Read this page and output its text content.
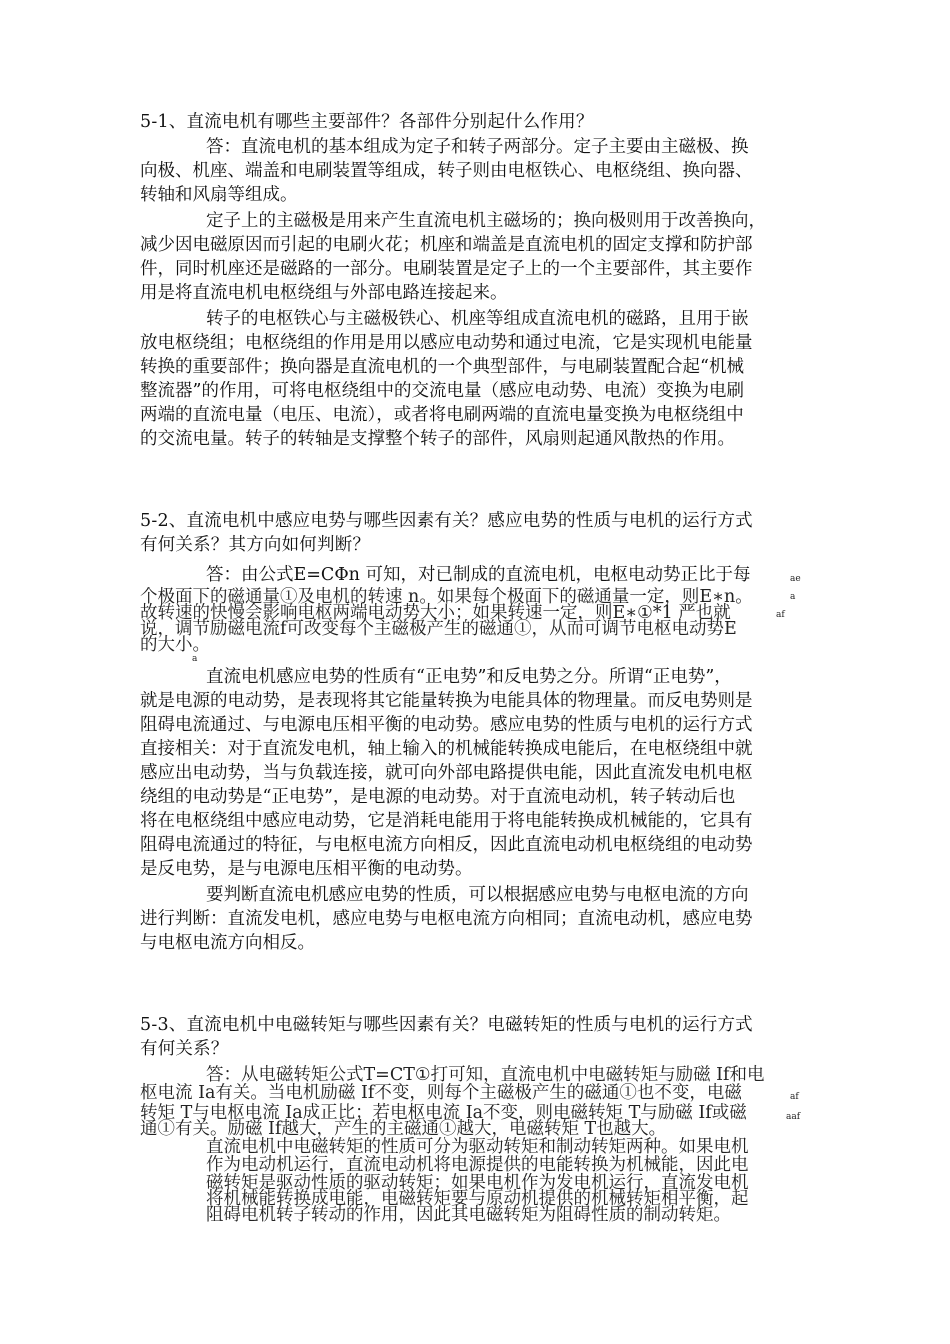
5-1、直流电机有哪些主要部件？各部件分别起什么作用？
答：直流电机的基本组成为定子和转子两部分。定子主要由主磁极、换
向极、机座、端盖和电刷装置等组成，转子则由电枢铁心、电枢绕组、换向器、
转轴和风扇等组成。
定子上的主磁极是用来产生直流电机主磁场的；换向极则用于改善换向，
减少因电磁原因而引起的电刷火花；机座和端盖是直流电机的固定支撑和防护部
件，同时机座还是磁路的一部分。电刷装置是定子上的一个主要部件，其主要作
用是将直流电机电枢绕组与外部电路连接起来。
转子的电枢铁心与主磁极铁心、机座等组成直流电机的磁路，且用于嵌
放电枢绕组；电枢绕组的作用是用以感应电动势和通过电流，它是实现机电能量
转换的重要部件；换向器是直流电机的一个典型部件，与电刷装置配合起“机械
整流器”的作用，可将电枢绕组中的交流电量（感应电动势、电流）变换为电刷
两端的直流电量（电压、电流），或者将电刷两端的直流电量变换为电枢绕组中
的交流电量。转子的转轴是支撑整个转子的部件，风扇则起通风散热的作用。
5-2、直流电机中感应电势与哪些因素有关？感应电势的性质与电机的运行方式
有何关系？其方向如何判断？
答：由公式E=CΦn 可知，对已制成的直流电机，电枢电动势正比于每	ae
个极面下的磁通量①及电机的转速 n。如果每个极面下的磁通量一定，则E∗n。	a
故转速的快慢会影响电枢两端电动势大小；如果转速一定，则E∗①*1 严也就	af
说，调节励磁电流f可改变每个主磁极产生的磁通①，从而可调节电枢电动势E
的大小。
a
直流电机感应电势的性质有“正电势”和反电势之分。所谓“正电势”，
就是电源的电动势，是表现将其它能量转换为电能具体的物理量。而反电势则是
阻碍电流通过、与电源电压相平衡的电动势。感应电势的性质与电机的运行方式
直接相关：对于直流发电机，轴上输入的机械能转换成电能后，在电枢绕组中就
感应出电动势，当与负载连接，就可向外部电路提供电能，因此直流发电机电枢
绕组的电动势是“正电势”，是电源的电动势。对于直流电动机，转子转动后也
将在电枢绕组中感应电动势，它是消耗电能用于将电能转换成机械能的，它具有
阻碍电流通过的特征，与电枢电流方向相反，因此直流电动机电枢绕组的电动势
是反电势，是与电源电压相平衡的电动势。
要判断直流电机感应电势的性质，可以根据感应电势与电枢电流的方向
进行判断：直流发电机，感应电势与电枢电流方向相同；直流电动机，感应电势
与电枢电流方向相反。
5-3、直流电机中电磁转矩与哪些因素有关？电磁转矩的性质与电机的运行方式
有何关系？
答：从电磁转矩公式T=CT①打可知，直流电机中电磁转矩与励磁 If和电
枢电流 Ia有关。当电机励磁 If不变，则每个主磁极产生的磁通①也不变，电磁	af
转矩 T与电枢电流 Ia成正比；若电枢电流 Ia不变，则电磁转矩 T与励磁 If或磁	aaf
通①有关。励磁 If越大，产生的主磁通①越大，电磁转矩 T也越大。
直流电机中电磁转矩的性质可分为驱动转矩和制动转矩两种。如果电机
作为电动机运行，直流电动机将电源提供的电能转换为机械能，因此电
磁转矩是驱动性质的驱动转矩；如果电机作为发电机运行，直流发电机
将机械能转换成电能，电磁转矩要与原动机提供的机械转矩相平衡，起
阻碍电机转子转动的作用，因此其电磁转矩为阻碍性质的制动转矩。
